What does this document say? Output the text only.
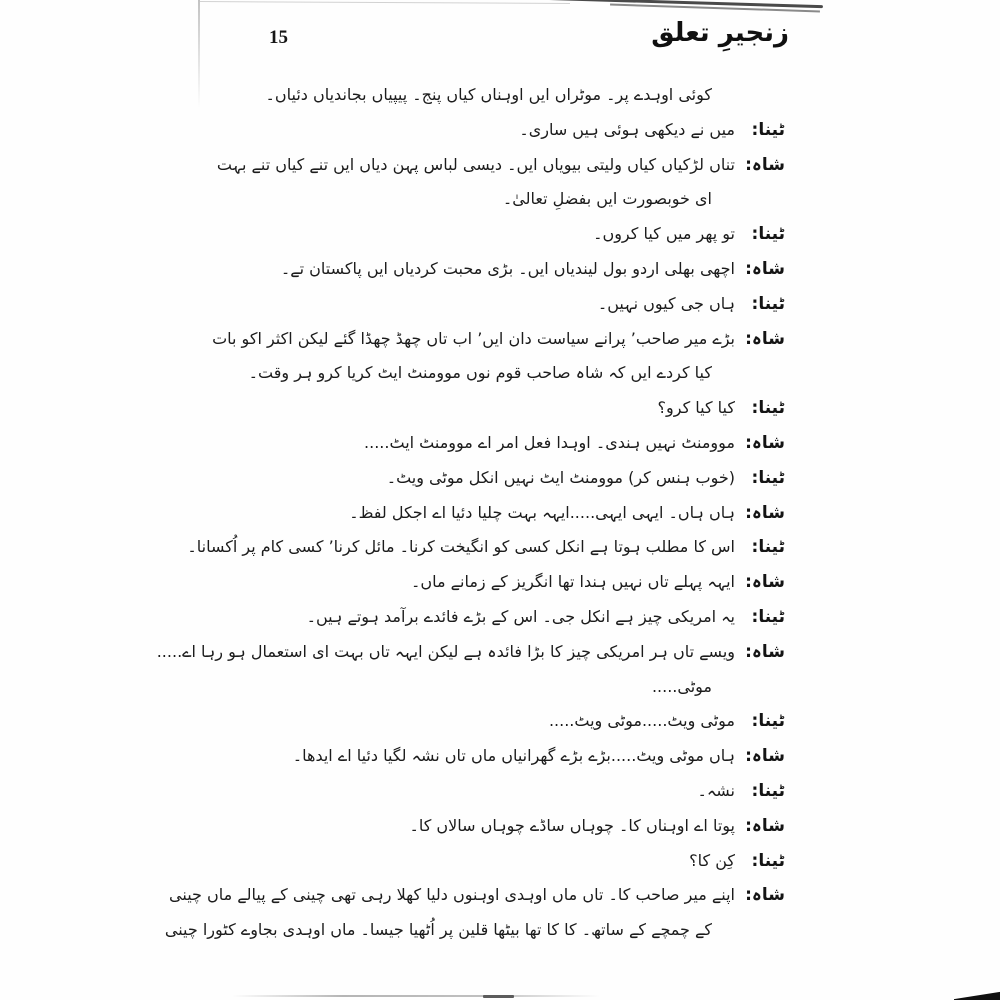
15	زنجیرِ تعلق
کوئی اوہدے پر۔ موٹراں ایں اوہناں کیاں پنج۔ پیپیاں بجاندیاں دئیاں۔
ٹینا:
میں نے دیکھی ہوئی ہیں ساری۔
شاہ:
تناں لڑکیاں کیاں ولیتی بیویاں ایں۔ دیسی لباس پہن دیاں ایں تنے کیاں تنے بہت
ای خوبصورت ایں بفضلِ تعالیٰ۔
ٹینا:
تو پھر میں کیا کروں۔
شاہ:
اچھی بھلی اردو بول لیندیاں ایں۔ بڑی محبت کردیاں ایں پاکستان تے۔
ٹینا:
ہاں جی کیوں نہیں۔
شاہ:
بڑے میر صاحب’ پرانے سیاست دان ایں’ اب تاں چھڈ چھڈا گئے لیکن اکثر اکو بات
کیا کردے ایں کہ شاہ صاحب قوم نوں موومنٹ ایٹ کریا کرو ہر وقت۔
ٹینا:
کیا کیا کرو؟
شاہ:
موومنٹ نہیں ہندی۔ اوہدا فعل امر اے موومنٹ ایٹ.....
ٹینا:
(خوب ہنس کر) موومنٹ ایٹ نہیں انکل موٹی ویٹ۔
شاہ:
ہاں ہاں۔ ایہی ایہی.....ایہہ بہت چلیا دئیا اے اجکل لفظ۔
ٹینا:
اس کا مطلب ہوتا ہے انکل کسی کو انگیخت کرنا۔ مائل کرنا’ کسی کام پر اُکسانا۔
شاہ:
ایہہ پہلے تاں نہیں ہندا تھا انگریز کے زمانے ماں۔
ٹینا:
یہ امریکی چیز ہے انکل جی۔ اس کے بڑے فائدے برآمد ہوتے ہیں۔
شاہ:
ویسے تاں ہر امریکی چیز کا بڑا فائدہ ہے لیکن ایہہ تاں بہت ای استعمال ہو رہا اے.....
موٹی.....
ٹینا:
موٹی ویٹ.....موٹی ویٹ.....
شاہ:
ہاں موٹی ویٹ.....بڑے بڑے گھرانیاں ماں تاں نشہ لگیا دئیا اے ایدھا۔
ٹینا:
نشہ۔
شاہ:
پوتا اے اوہناں کا۔ چوہاں ساڈے چوہاں سالاں کا۔
ٹینا:
کِن کا؟
شاہ:
اپنے میر صاحب کا۔ تاں ماں اوہدی اوہنوں دلیا کھلا رہی تھی چینی کے پیالے ماں چینی
کے چمچے کے ساتھ۔ کا کا تھا بیٹھا قلین پر اُٹھیا جیسا۔ ماں اوہدی بجاوے کٹورا چینی
